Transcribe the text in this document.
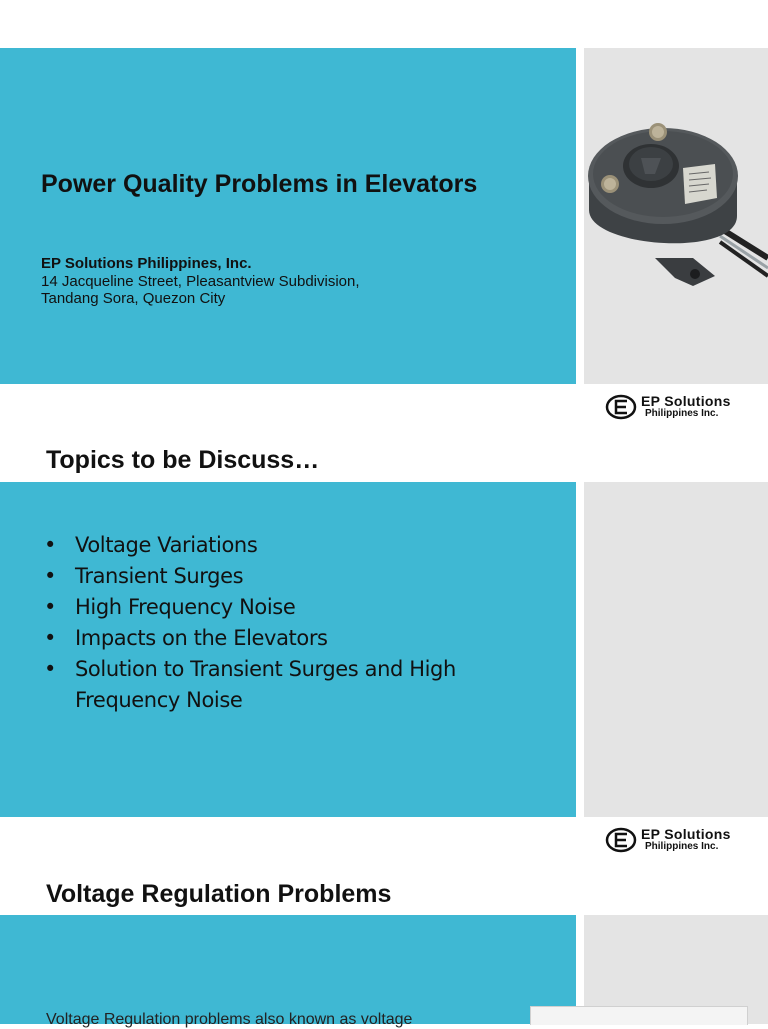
Power Quality Problems in Elevators
EP Solutions Philippines, Inc.
14 Jacqueline Street, Pleasantview Subdivision,
Tandang Sora, Quezon City
EP Solutions
Philippines Inc.
Topics to be Discuss…
• Voltage Variations
• Transient Surges
• High Frequency Noise
• Impacts on the Elevators
• Solution to Transient Surges and High Frequency Noise
EP Solutions
Philippines Inc.
Voltage Regulation Problems
Voltage Regulation problems also known as voltage
